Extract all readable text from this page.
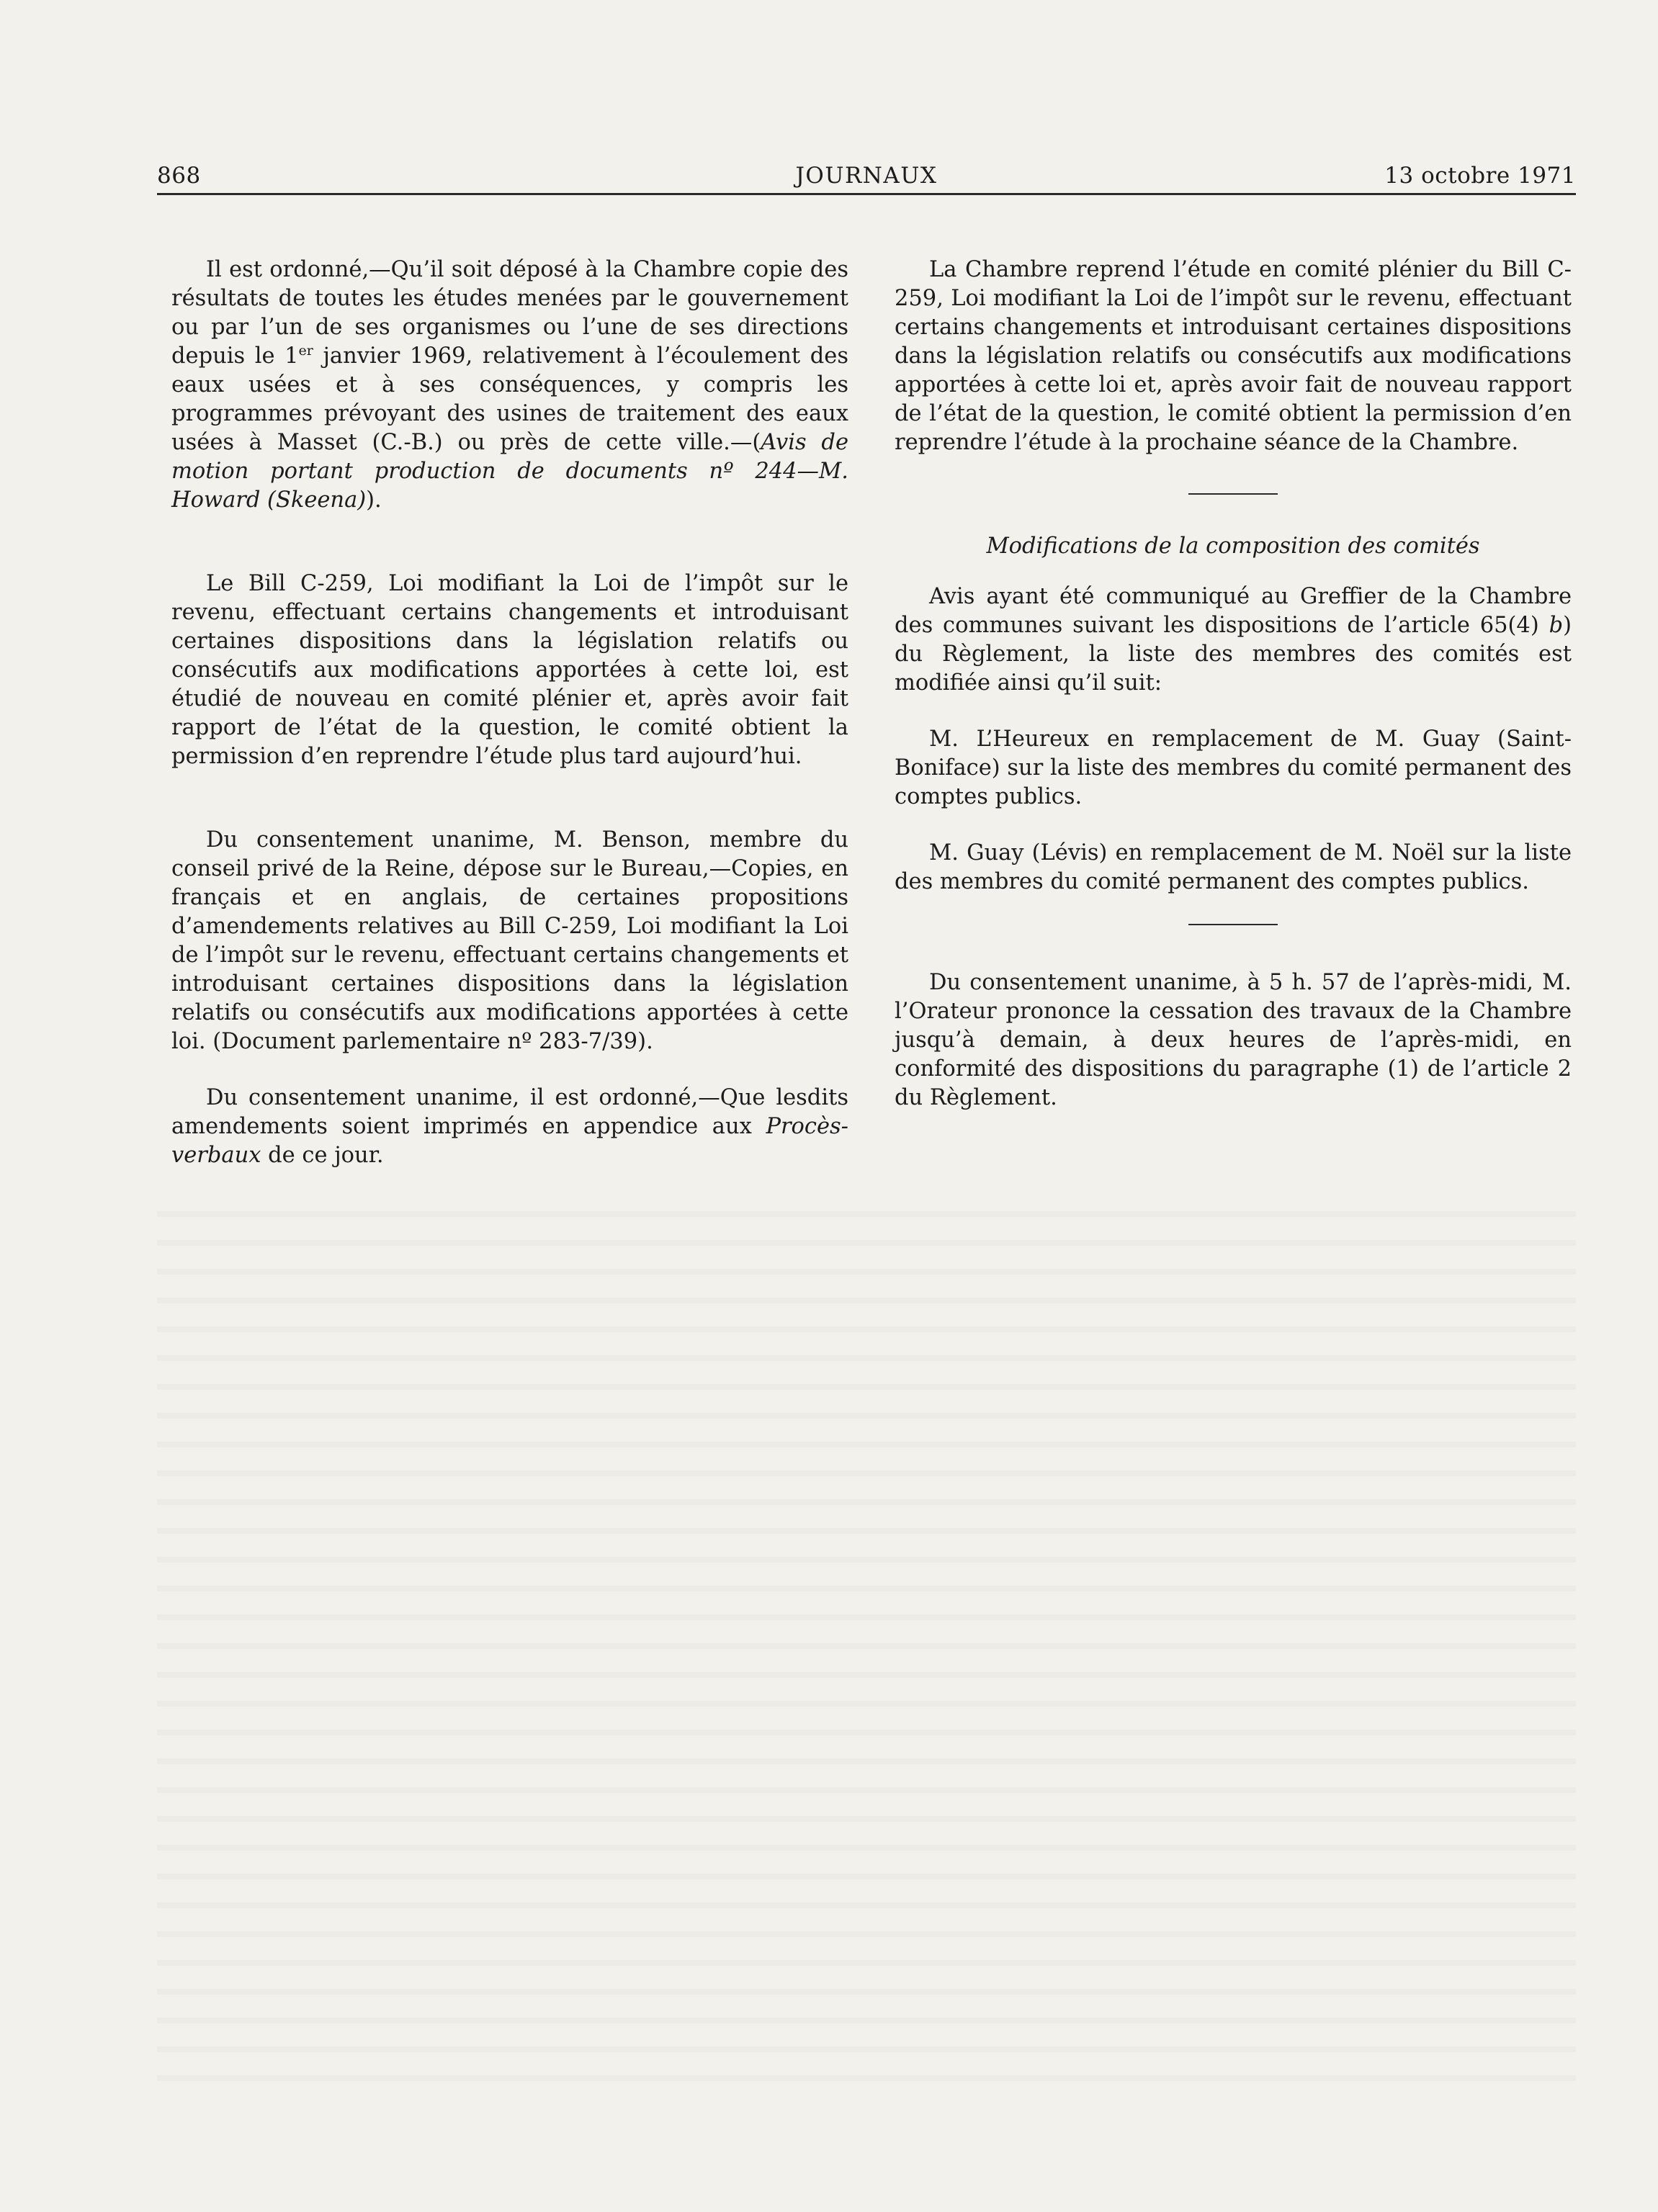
868	JOURNAUX	13 octobre 1971

Il est ordonné,—Qu’il soit déposé à la Chambre copie des résultats de toutes les études menées par le gouvernement ou par l’un de ses organismes ou l’une de ses directions depuis le 1er janvier 1969, relativement à l’écoulement des eaux usées et à ses conséquences, y compris les programmes prévoyant des usines de traitement des eaux usées à Masset (C.-B.) ou près de cette ville.—(Avis de motion portant production de documents nº 244—M. Howard (Skeena)).

Le Bill C-259, Loi modifiant la Loi de l’impôt sur le revenu, effectuant certains changements et introduisant certaines dispositions dans la législation relatifs ou consécutifs aux modifications apportées à cette loi, est étudié de nouveau en comité plénier et, après avoir fait rapport de l’état de la question, le comité obtient la permission d’en reprendre l’étude plus tard aujourd’hui.

Du consentement unanime, M. Benson, membre du conseil privé de la Reine, dépose sur le Bureau,—Copies, en français et en anglais, de certaines propositions d’amendements relatives au Bill C-259, Loi modifiant la Loi de l’impôt sur le revenu, effectuant certains changements et introduisant certaines dispositions dans la législation relatifs ou consécutifs aux modifications apportées à cette loi. (Document parlementaire nº 283-7/39).

Du consentement unanime, il est ordonné,—Que lesdits amendements soient imprimés en appendice aux Procès-verbaux de ce jour.

La Chambre reprend l’étude en comité plénier du Bill C-259, Loi modifiant la Loi de l’impôt sur le revenu, effectuant certains changements et introduisant certaines dispositions dans la législation relatifs ou consécutifs aux modifications apportées à cette loi et, après avoir fait de nouveau rapport de l’état de la question, le comité obtient la permission d’en reprendre l’étude à la prochaine séance de la Chambre.

Modifications de la composition des comités

Avis ayant été communiqué au Greffier de la Chambre des communes suivant les dispositions de l’article 65(4) b) du Règlement, la liste des membres des comités est modifiée ainsi qu’il suit:

M. L’Heureux en remplacement de M. Guay (Saint-Boniface) sur la liste des membres du comité permanent des comptes publics.

M. Guay (Lévis) en remplacement de M. Noël sur la liste des membres du comité permanent des comptes publics.

Du consentement unanime, à 5 h. 57 de l’après-midi, M. l’Orateur prononce la cessation des travaux de la Chambre jusqu’à demain, à deux heures de l’après-midi, en conformité des dispositions du paragraphe (1) de l’article 2 du Règlement.
